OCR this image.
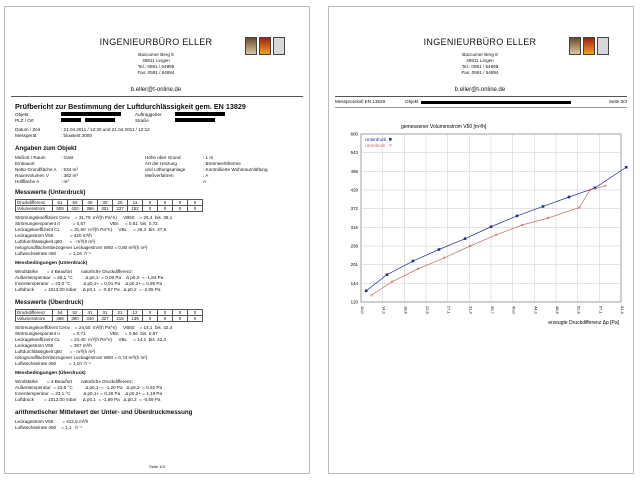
INGENIEURBÜRO ELLER
Baccumer Berg 8
49811 Lingen
Tel.: 0591 / 54995
Fax: 0591 / 54894
b.eller@t-online.de
Prüfbericht zur Bestimmung der Luftdurchlässigkeit gem. EN 13829
Objekt	Auftraggeber
PLZ / Ort	Straße
Datum / Zeit	: 21.04.2011 / 12:30 und 21.04.2011 / 12:12
Messgerät	: blowtest 3000
Angaben zum Objekt
Meßort / Raum	: Gast
Einbauort
Netto-Grundfläche A : 534 m²
Raumvolumen V	: 362 m³
Hüllfläche A	: m²
Höhe über Grund	: 1 m
Art der Heizung	: Brennwerttherme
und Lüftungsanlage	: Kontrollierte Wohnraumlüftung
Meßverfahren	: A
A
Messwerte (Unterdruck)
Druckdifferenz	61	50	40	30	20	11	0	0	0	0
Volumenstrom	509	420	366	301	237	152	0	0	0	0
Strömungskoeffizient Cenv    = 31,70  m³/(h Pa^n)     VB50    = 26,4  bis  38,1
Strömungsexponent n          = 0,67                   VBn     = 0,61  bis  0,72
Leckagekoeffizient CL        = 31,50  m³/(h Pa^n)     VBL     = 26,3  bis  37,8
Leckagestrom V50             = 420 m³/h
Luftdurchlässigkeit q50      = - m³/(h m²)
netogrundflächenbezogener Leckagestrom W50 = 0,80 m³/(h m²)
Luftwechselrate n50          = 1,16  h⁻¹
Messbedingungen (Unterdruck)
Windstärke       = 4 Beaufort       natürliche Druckdifferenz:
Außentemperatur  = 25,1 °C          Δ p0,1- = 0,00 Pa    Δ p0,2- = -1,84 Pa
Innentemperatur  = 23,0 °C          Δ p0,1+ = 0,91 Pa    Δ p0,2+ = 0,95 Pa
Luftdruck        = 1013,00 mbar     Δ p0,1  = -0,57 Pa   Δ p0,2  = -2,95 Pa
Messwerte (Überdruck)
Druckdifferenz	54	52	41	31	21	12	0	0	0	0
Volumenstrom	468	390	340	327	215	139	0	0	0	0
Strömungskoeffizient Cenv    = 24,50  m³/(h Pa^n)     VB50    = 14,1  bis  42,4
Strömungsexponent n          = 0,71                   VBn     = 0,56  bis  0,87
Leckagekoeffizient CL        = 24,40  m³/(h Pa^n)     VBL     = 14,1  bis  42,3
Leckagestrom V50             = 397 m³/h
Luftdurchlässigkeit q50      = - m³/(h m²)
netogrundflächenbezogener Leckagestrom W50 = 0,74 m³/(h m²)
Luftwechselrate n50          = 1,10  h⁻¹
Messbedingungen (Überdruck)
Windstärke       = 4 Beaufort       natürliche Druckdifferenz:
Außentemperatur  = 23,6 °C          Δ p0,1- = -1,20 Pa   Δ p0,2- = 0,92 Pa
Innentemperatur  = 23,1 °C          Δ p0,1+ = 0,26 Pa    Δ p0,2+ = 1,19 Pa
Luftdruck        = 1013,00 mbar     Δ p0,1  = -1,69 Pa   Δ p0,2  = -0,59 Pa
arithmetischer Mittelwert der Unter- und Überdruckmessung
Leckagestrom V50       = 412,5 m³/h
Luftwechselrate n50    = 1,1   h⁻¹
Seite 1/3
INGENIEURBÜRO ELLER
Baccumer Berg 8
49811 Lingen
Tel.: 0591 / 54995
Fax: 0591 / 54894
b.eller@t-online.de
Messprotokoll EN 13829	Objekt	Seite 3/3
gemessener Volumenstrom V50 [m³/h]
600
543
486
429
372
315
258
201
144
120
10,0	14,3	18,6	22,9	27,1	31,4	35,7	40,0	44,3	48,6	52,9	57,1	61,4
erzeugte Druckdifferenz Δp [Pa]
Unterdruck
Überdruck
